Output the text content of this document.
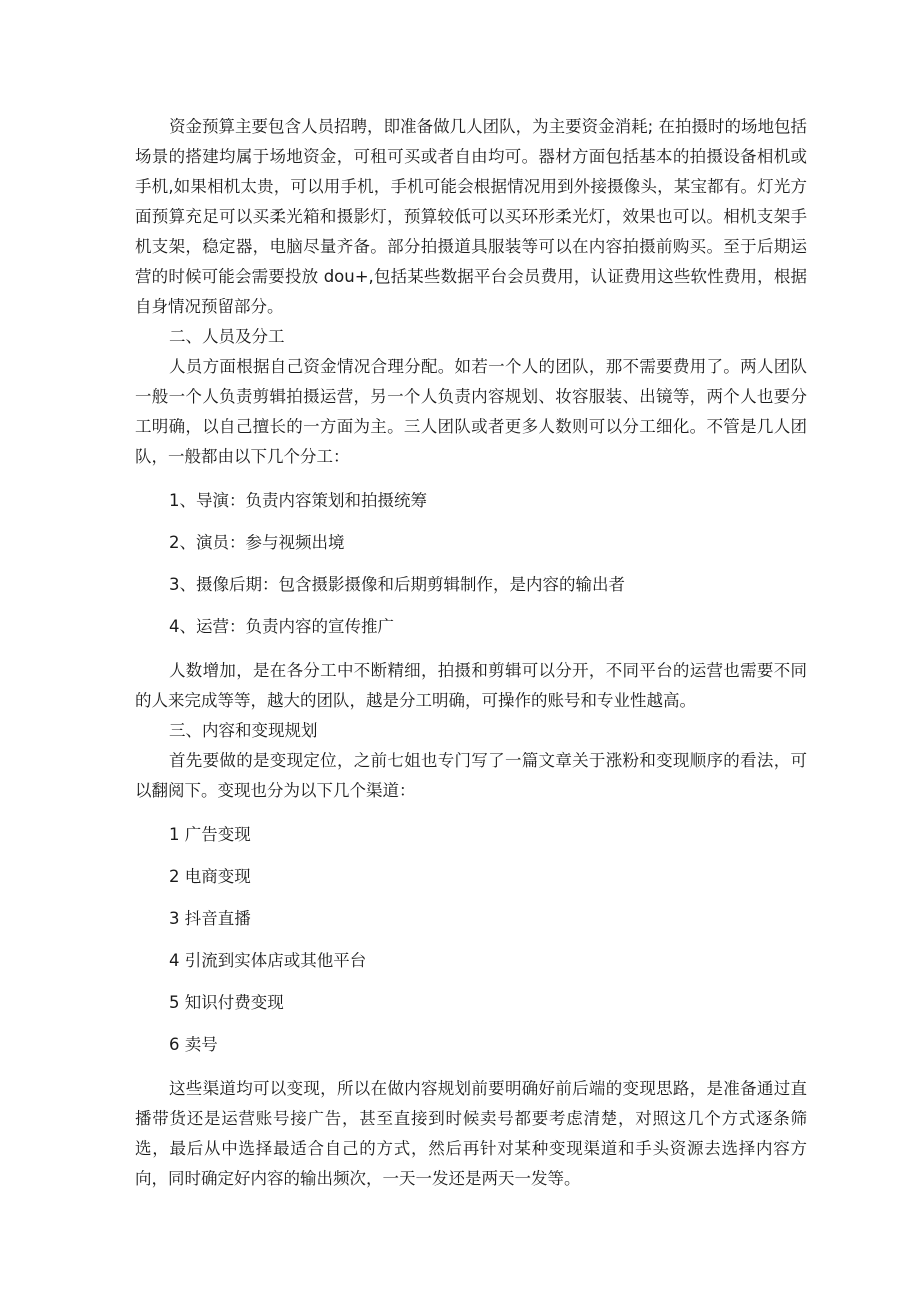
资金预算主要包含人员招聘，即准备做几人团队，为主要资金消耗; 在拍摄时的场地包括场景的搭建均属于场地资金，可租可买或者自由均可。器材方面包括基本的拍摄设备相机或手机,如果相机太贵，可以用手机，手机可能会根据情况用到外接摄像头，某宝都有。灯光方面预算充足可以买柔光箱和摄影灯，预算较低可以买环形柔光灯，效果也可以。相机支架手机支架，稳定器，电脑尽量齐备。部分拍摄道具服装等可以在内容拍摄前购买。至于后期运营的时候可能会需要投放 dou+,包括某些数据平台会员费用，认证费用这些软性费用，根据自身情况预留部分。

二、人员及分工

人员方面根据自己资金情况合理分配。如若一个人的团队，那不需要费用了。两人团队一般一个人负责剪辑拍摄运营，另一个人负责内容规划、妆容服装、出镜等，两个人也要分工明确，以自己擅长的一方面为主。三人团队或者更多人数则可以分工细化。不管是几人团队，一般都由以下几个分工：

1、导演：负责内容策划和拍摄统筹
2、演员：参与视频出境
3、摄像后期：包含摄影摄像和后期剪辑制作，是内容的输出者
4、运营：负责内容的宣传推广

人数增加，是在各分工中不断精细，拍摄和剪辑可以分开，不同平台的运营也需要不同的人来完成等等，越大的团队，越是分工明确，可操作的账号和专业性越高。

三、内容和变现规划

首先要做的是变现定位，之前七姐也专门写了一篇文章关于涨粉和变现顺序的看法，可以翻阅下。变现也分为以下几个渠道：

1 广告变现
2 电商变现
3 抖音直播
4 引流到实体店或其他平台
5 知识付费变现
6 卖号

这些渠道均可以变现，所以在做内容规划前要明确好前后端的变现思路，是准备通过直播带货还是运营账号接广告，甚至直接到时候卖号都要考虑清楚，对照这几个方式逐条筛选，最后从中选择最适合自己的方式，然后再针对某种变现渠道和手头资源去选择内容方向，同时确定好内容的输出频次，一天一发还是两天一发等。
